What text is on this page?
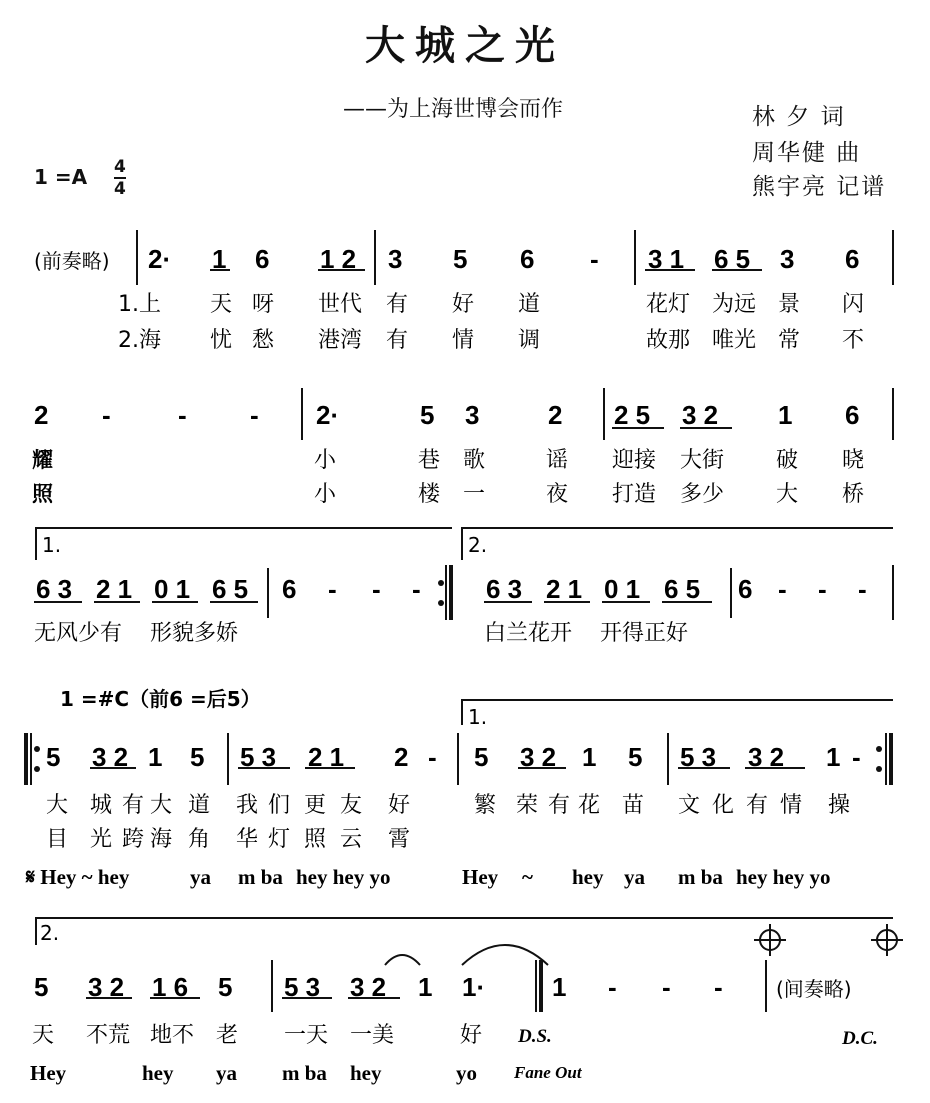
大城之光
——为上海世博会而作	林 夕 词
周华健 曲
熊宇亮 记谱
1 =A 4
4
(前奏略) 2· 1 6 1 2 3 5 6 - 3 1 6 5 3 6
1.上 天 呀 世代 有 好 道	花灯 为远 景 闪
2.海 忧 愁 港湾 有 情 调	故那 唯光 常 不
2 -	- - 2·	5 3	2 2 5 3 2 1 6
耀	小	巷 歌	谣 迎接 大街 破 晓
照	小	楼 一	夜 打造 多少 大 桥
1.	2.
6 3 2 1 0 1 6 5 6 - - -	6 3 2 1 0 1 6 5 6 - - -
无风少有 形貌多娇	白兰花开 开得正好
1 =#C（前6 =后5）
1.
5 3 2 1 5 5 3 2 1 2 - 5 3 2 1 5 5 3 3 2 1 -
大 城 有 大 道 我 们 更 友 好	繁 荣 有 花 苗 文 化 有 情 操
目 光 跨 海 角 华 灯 照 云 霄
𝄋 Hey ~ hey	ya m ba hey hey yo	Hey ~ hey ya m ba hey hey yo
2.
5 3 2 1 6 5 5 3 3 2 1 1·	1 - - -	(间奏略)
天 不荒 地不 老 一天 一美	好 D.S.	D.C.
Hey	hey ya m ba hey	yo Fane Out
